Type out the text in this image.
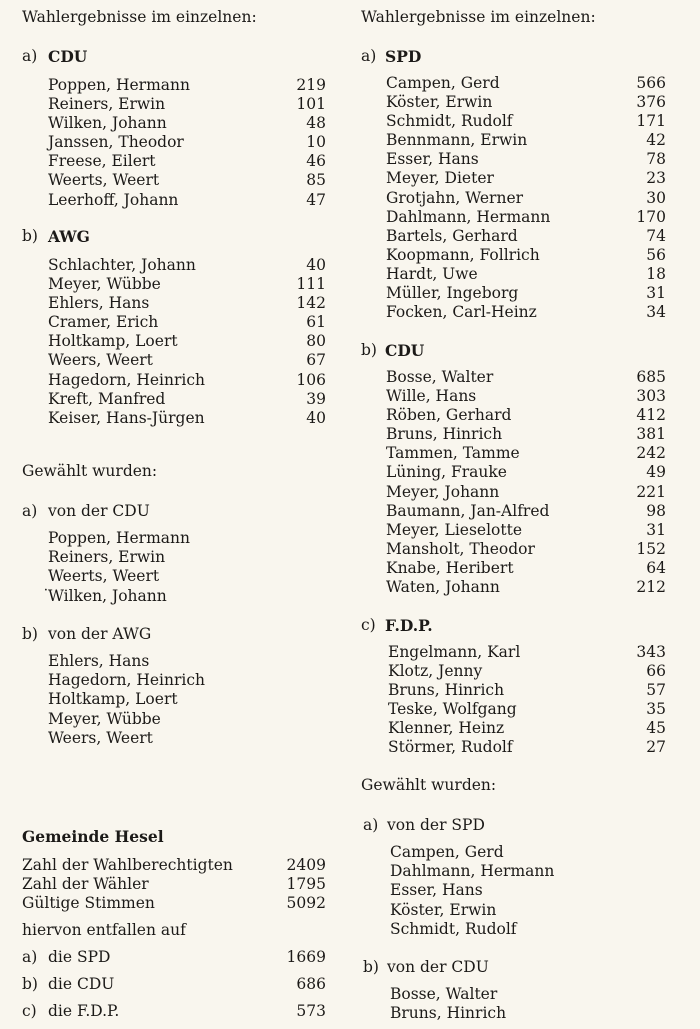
Wahlergebnisse im einzelnen:
a) CDU
Poppen, Hermann	219
Reiners, Erwin	101
Wilken, Johann	48
Janssen, Theodor	10
Freese, Eilert	46
Weerts, Weert	85
Leerhoff, Johann	47
b) AWG
Schlachter, Johann	40
Meyer, Wübbe	111
Ehlers, Hans	142
Cramer, Erich	61
Holtkamp, Loert	80
Weers, Weert	67
Hagedorn, Heinrich	106
Kreft, Manfred	39
Keiser, Hans-Jürgen	40
Gewählt wurden:
a) von der CDU
Poppen, Hermann
Reiners, Erwin
Weerts, Weert
˙
Wilken, Johann
b) von der AWG
Ehlers, Hans
Hagedorn, Heinrich
Holtkamp, Loert
Meyer, Wübbe
Weers, Weert
Gemeinde Hesel
Zahl der Wahlberechtigten	2409
Zahl der Wähler	1795
Gültige Stimmen	5092
hiervon entfallen auf
a) die SPD	1669
b) die CDU	686
c) die F.D.P.	573
Wahlergebnisse im einzelnen:
a) SPD
Campen, Gerd	566
Köster, Erwin	376
Schmidt, Rudolf	171
Bennmann, Erwin	42
Esser, Hans	78
Meyer, Dieter	23
Grotjahn, Werner	30
Dahlmann, Hermann	170
Bartels, Gerhard	74
Koopmann, Follrich	56
Hardt, Uwe	18
Müller, Ingeborg	31
Focken, Carl-Heinz	34
b) CDU
Bosse, Walter	685
Wille, Hans	303
Röben, Gerhard	412
Bruns, Hinrich	381
Tammen, Tamme	242
Lüning, Frauke	49
Meyer, Johann	221
Baumann, Jan-Alfred	98
Meyer, Lieselotte	31
Mansholt, Theodor	152
Knabe, Heribert	64
Waten, Johann	212
c) F.D.P.
Engelmann, Karl	343
Klotz, Jenny	66
Bruns, Hinrich	57
Teske, Wolfgang	35
Klenner, Heinz	45
Störmer, Rudolf	27
Gewählt wurden:
a) von der SPD
Campen, Gerd
Dahlmann, Hermann
Esser, Hans
Köster, Erwin
Schmidt, Rudolf
b) von der CDU
Bosse, Walter
Bruns, Hinrich
